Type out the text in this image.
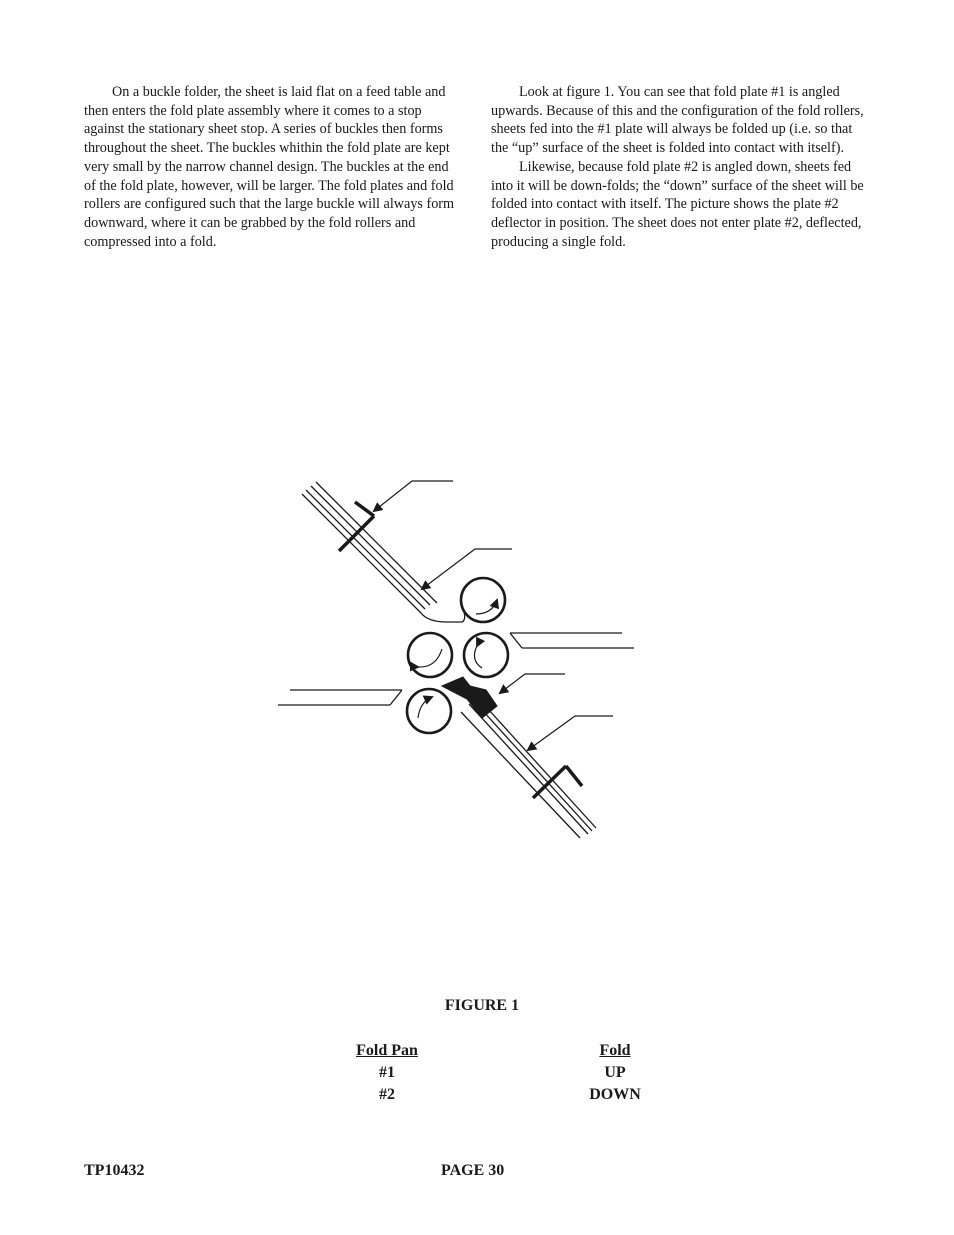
On a buckle folder, the sheet is laid flat on a feed table and then enters the fold plate assembly where it comes to a stop against the stationary sheet stop. A series of buckles then forms throughout the sheet. The buckles whithin the fold plate are kept very small by the narrow channel design. The buckles at the end of the fold plate, however, will be larger. The fold plates and fold rollers are configured such that the large buckle will always form downward, where it can be grabbed by the fold rollers and compressed into a fold.

Look at figure 1. You can see that fold plate #1 is angled upwards. Because of this and the configuration of the fold rollers, sheets fed into the #1 plate will always be folded up (i.e. so that the “up” surface of the sheet is folded into contact with itself).

Likewise, because fold plate #2 is angled down, sheets fed into it will be down-folds; the “down” surface of the sheet will be folded into contact with itself. The picture shows the plate #2 deflector in position. The sheet does not enter plate #2, deflected, producing a single fold.

FIGURE 1
Fold Pan
#1
#2
Fold
UP
DOWN
TP10432	PAGE 30
